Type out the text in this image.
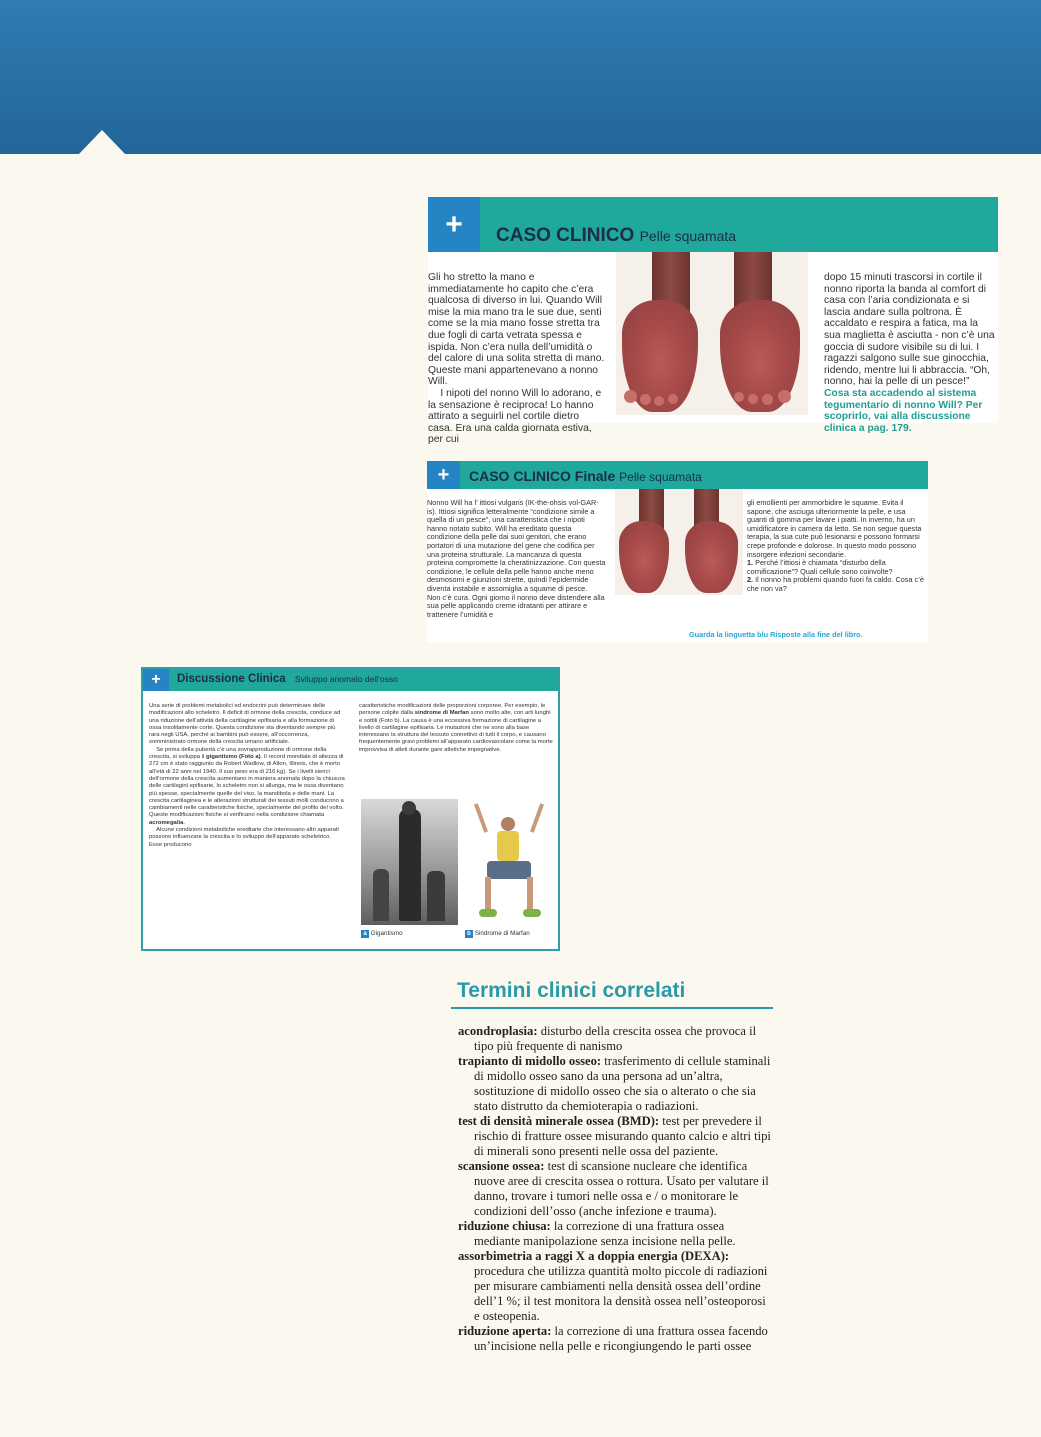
+	CASO CLINICO Pelle squamata

Gli ho stretto la mano e immediatamente ho capito che c’era qualcosa di diverso in lui. Quando Will mise la mia mano tra le sue due, sentì come se la mia mano fosse stretta tra due fogli di carta vetrata spessa e ispida. Non c’era nulla dell’umidità o del calore di una solita stretta di mano. Queste mani appartenevano a nonno Will.

I nipoti del nonno Will lo adorano, e la sensazione è reciproca! Lo hanno attirato a seguirli nel cortile dietro casa. Era una calda giornata estiva, per cui

dopo 15 minuti trascorsi in cortile il nonno riporta la banda al comfort di casa con l’aria condizionata e si lascia andare sulla poltrona. È accaldato e respira a fatica, ma la sua maglietta è asciutta - non c’è una goccia di sudore visibile su di lui. I ragazzi salgono sulle sue ginocchia, ridendo, mentre lui li abbraccia. “Oh, nonno, hai la pelle di un pesce!” Cosa sta accadendo al sistema tegumentario di nonno Will? Per scoprirlo, vai alla discussione clinica a pag. 179.

+	CASO CLINICO Finale Pelle squamata

Nonno Will ha l’ ittiosi vulgaris (IK-the-ohsis vol-GAR-is). Ittiosi significa letteralmente “condizione simile a quella di un pesce”, una caratteristica che i nipoti hanno notato subito. Will ha ereditato questa condizione della pelle dai suoi genitori, che erano portatori di una mutazione del gene che codifica per una proteina strutturale. La mancanza di questa proteina compromette la cheratinizzazione. Con questa condizione, le cellule della pelle hanno anche meno desmosomi e giunzioni strette, quindi l’epidermide diventa instabile e assomiglia a squame di pesce.

Non c’è cura. Ogni giorno il nonno deve distendere alla sua pelle applicando creme idratanti per attirare e trattenere l’umidità e

gli emollienti per ammorbidire le squame. Evita il sapone, che asciuga ulteriormente la pelle, e usa guanti di gomma per lavare i piatti. In inverno, ha un umidificatore in camera da letto. Se non segue questa terapia, la sua cute può lesionarsi e possono formarsi crepe profonde e dolorose. In questo modo possono insorgere infezioni secondarie.

1. Perché l’ittiosi è chiamata “disturbo della cornificazione”? Quali cellule sono coinvolte?

2. Il nonno ha problemi quando fuori fa caldo. Cosa c’è che non va?

Guarda la linguetta blu Risposte alla fine del libro.
+	Discussione Clinica Sviluppo anomalo dell’osso

Una serie di problemi metabolici ed endocrini può determinare delle modificazioni allo scheletro. Il deficit di ormone della crescita, conduce ad una riduzione dell’attività della cartilagine epifisaria e alla formazione di ossa insolitamente corte. Questa condizione sta diventando sempre più rara negli USA, perché ai bambini può essere, all’occorrenza, somministrato ormone della crescita umano artificiale.

Se prima della pubertà c’è una sovrapproduzione di ormone della crescita, si sviluppa il gigantismo (Foto a). Il record mondiale di altezza di 272 cm è stato raggiunto da Robert Wadlow, di Alton, Illinois, che è morto all’età di 22 anni nel 1940. Il suo peso era di 216 kg). Se i livelli sierici dell’ormone della crescita aumentano in maniera anomala dopo la chiusura delle cartilagini epifisarie, lo scheletro non si allunga, ma le ossa diventano più spesse, specialmente quelle del viso, la mandibola e delle mani. La crescita cartilaginea e le alterazioni strutturali dei tessuti molli conducono a cambiamenti nelle caratteristiche fisiche, specialmente del profilo del volto. Queste modificazioni fisiche si verificano nella condizione chiamata acromegalia.

Alcune condizioni metaboliche ereditarie che interessano altri apparati possono influenzare la crescita e lo sviluppo dell’apparato scheletrico. Esse producono

caratteristiche modificazioni delle proporzioni corporee. Per esempio, le persone colpite dalla sindrome di Marfan sono molto alte, con arti lunghi e sottili (Foto b). La causa è una eccessiva formazione di cartilagine a livello di cartilagine epifisaria. Le mutazioni che ne sono alla base interessano la struttura del tessuto connettivo di tutti il corpo, e causano frequentemente gravi problemi all’apparato cardiovascolare come la morte improvvisa di atleti durante gare atletiche impegnative.

a Gigantismo	b Sindrome di Marfan
Termini clinici correlati
acondroplasia: disturbo della crescita ossea che provoca il tipo più frequente di nanismo
trapianto di midollo osseo: trasferimento di cellule staminali di midollo osseo sano da una persona ad un’altra, sostituzione di midollo osseo che sia o alterato o che sia stato distrutto da chemioterapia o radiazioni.
test di densità minerale ossea (BMD): test per prevedere il rischio di fratture ossee misurando quanto calcio e altri tipi di minerali sono presenti nelle ossa del paziente.
scansione ossea: test di scansione nucleare che identifica nuove aree di crescita ossea o rottura. Usato per valutare il danno, trovare i tumori nelle ossa e / o monitorare le condizioni dell’osso (anche infezione e trauma).
riduzione chiusa: la correzione di una frattura ossea mediante manipolazione senza incisione nella pelle.
assorbimetria a raggi X a doppia energia (DEXA): procedura che utilizza quantità molto piccole di radiazioni per misurare cambiamenti nella densità ossea dell’ordine dell’1 %; il test monitora la densità ossea nell’osteoporosi e osteopenia.
riduzione aperta: la correzione di una frattura ossea facendo un’incisione nella pelle e ricongiungendo le parti ossee
